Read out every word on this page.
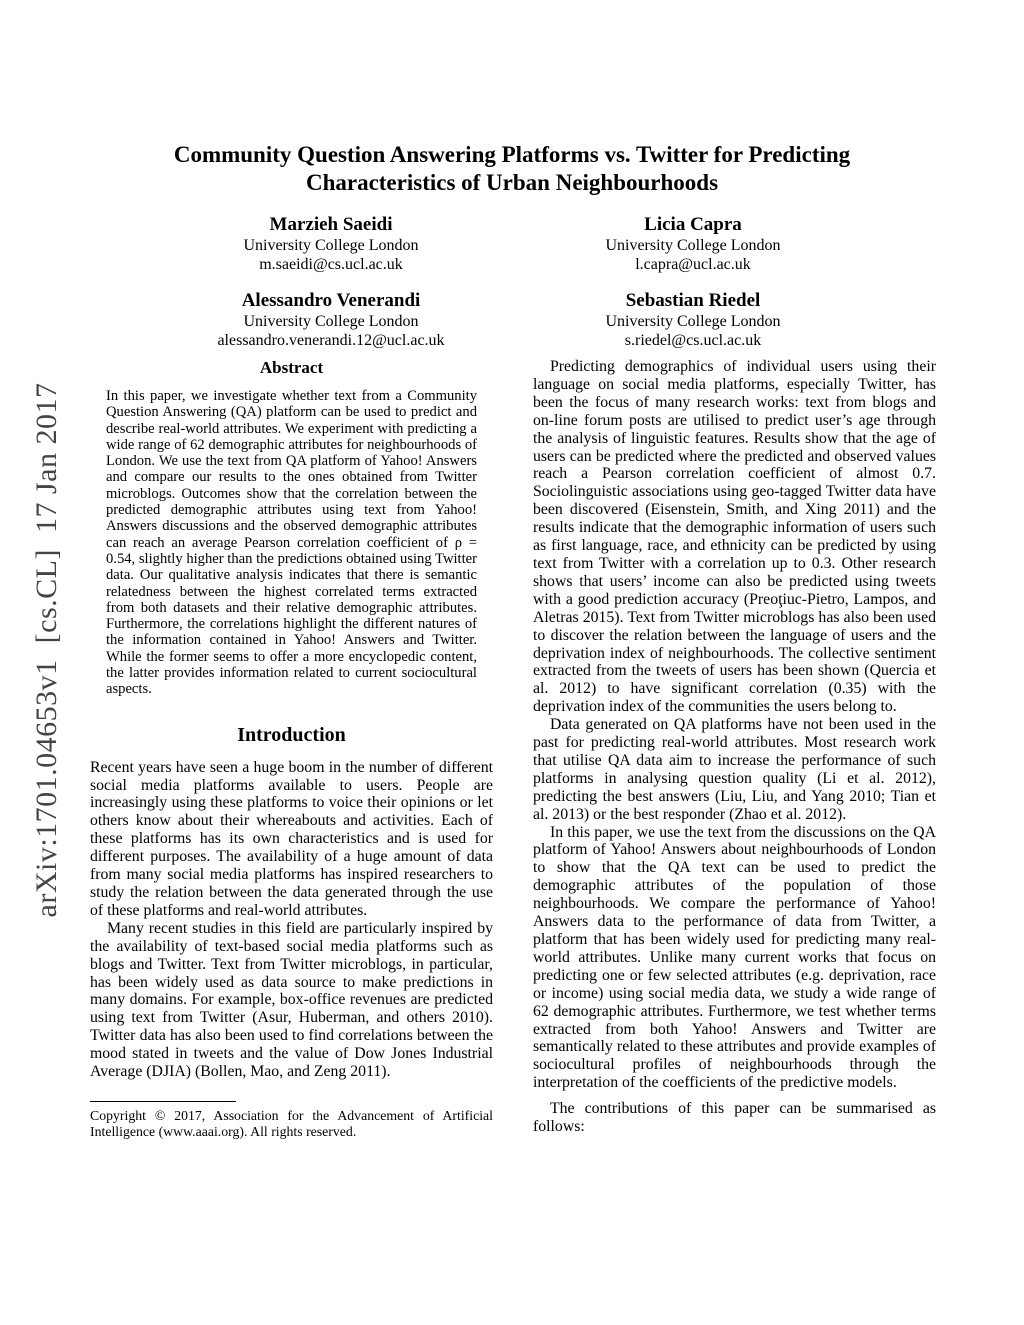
arXiv:1701.04653v1  [cs.CL]  17 Jan 2017
Community Question Answering Platforms vs. Twitter for Predicting
Characteristics of Urban Neighbourhoods
Marzieh Saeidi
University College London
m.saeidi@cs.ucl.ac.uk
Licia Capra
University College London
l.capra@ucl.ac.uk
Alessandro Venerandi
University College London
alessandro.venerandi.12@ucl.ac.uk
Sebastian Riedel
University College London
s.riedel@cs.ucl.ac.uk
Abstract

In this paper, we investigate whether text from a Community Question Answering (QA) platform can be used to predict and describe real-world attributes. We experiment with predicting a wide range of 62 demographic attributes for neighbourhoods of London. We use the text from QA platform of Yahoo! Answers and compare our results to the ones obtained from Twitter microblogs. Outcomes show that the correlation between the predicted demographic attributes using text from Yahoo! Answers discussions and the observed demographic attributes can reach an average Pearson correlation coefficient of ρ = 0.54, slightly higher than the predictions obtained using Twitter data. Our qualitative analysis indicates that there is semantic relatedness between the highest correlated terms extracted from both datasets and their relative demographic attributes. Furthermore, the correlations highlight the different natures of the information contained in Yahoo! Answers and Twitter. While the former seems to offer a more encyclopedic content, the latter provides information related to current sociocultural aspects.

Introduction

Recent years have seen a huge boom in the number of different social media platforms available to users. People are increasingly using these platforms to voice their opinions or let others know about their whereabouts and activities. Each of these platforms has its own characteristics and is used for different purposes. The availability of a huge amount of data from many social media platforms has inspired researchers to study the relation between the data generated through the use of these platforms and real-world attributes.

Many recent studies in this field are particularly inspired by the availability of text-based social media platforms such as blogs and Twitter. Text from Twitter microblogs, in particular, has been widely used as data source to make predictions in many domains. For example, box-office revenues are predicted using text from Twitter (Asur, Huberman, and others 2010). Twitter data has also been used to find correlations between the mood stated in tweets and the value of Dow Jones Industrial Average (DJIA) (Bollen, Mao, and Zeng 2011).

Copyright © 2017, Association for the Advancement of Artificial Intelligence (www.aaai.org). All rights reserved.

Predicting demographics of individual users using their language on social media platforms, especially Twitter, has been the focus of many research works: text from blogs and on-line forum posts are utilised to predict user’s age through the analysis of linguistic features. Results show that the age of users can be predicted where the predicted and observed values reach a Pearson correlation coefficient of almost 0.7. Sociolinguistic associations using geo-tagged Twitter data have been discovered (Eisenstein, Smith, and Xing 2011) and the results indicate that the demographic information of users such as first language, race, and ethnicity can be predicted by using text from Twitter with a correlation up to 0.3. Other research shows that users’ income can also be predicted using tweets with a good prediction accuracy (Preoţiuc-Pietro, Lampos, and Aletras 2015). Text from Twitter microblogs has also been used to discover the relation between the language of users and the deprivation index of neighbourhoods. The collective sentiment extracted from the tweets of users has been shown (Quercia et al. 2012) to have significant correlation (0.35) with the deprivation index of the communities the users belong to.

Data generated on QA platforms have not been used in the past for predicting real-world attributes. Most research work that utilise QA data aim to increase the performance of such platforms in analysing question quality (Li et al. 2012), predicting the best answers (Liu, Liu, and Yang 2010; Tian et al. 2013) or the best responder (Zhao et al. 2012).

In this paper, we use the text from the discussions on the QA platform of Yahoo! Answers about neighbourhoods of London to show that the QA text can be used to predict the demographic attributes of the population of those neighbourhoods. We compare the performance of Yahoo! Answers data to the performance of data from Twitter, a platform that has been widely used for predicting many real-world attributes. Unlike many current works that focus on predicting one or few selected attributes (e.g. deprivation, race or income) using social media data, we study a wide range of 62 demographic attributes. Furthermore, we test whether terms extracted from both Yahoo! Answers and Twitter are semantically related to these attributes and provide examples of sociocultural profiles of neighbourhoods through the interpretation of the coefficients of the predictive models.

The contributions of this paper can be summarised as follows:
